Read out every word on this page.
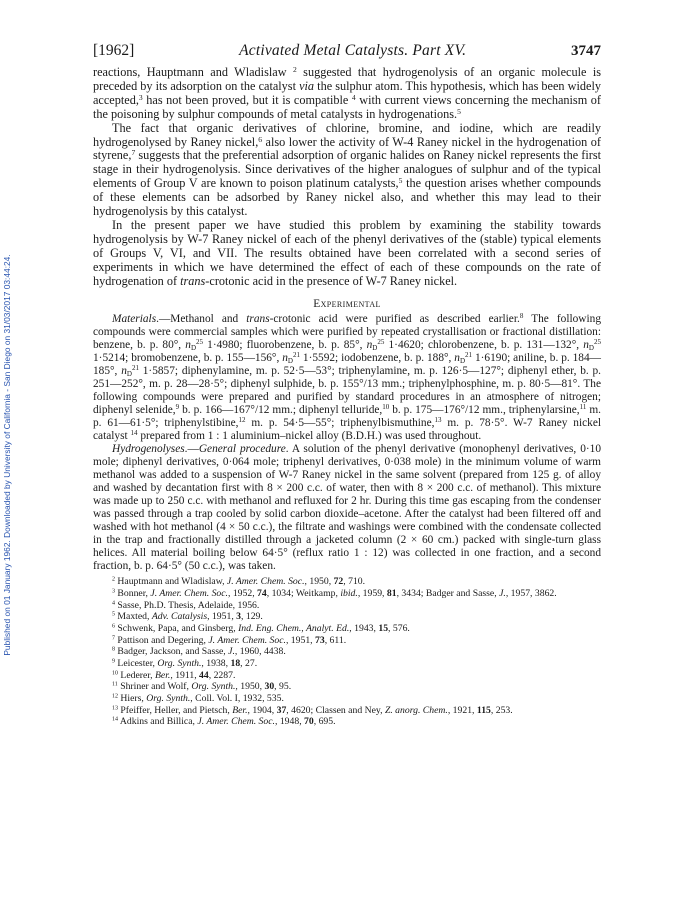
Published on 01 January 1962. Downloaded by University of California - San Diego on 31/03/2017 03:44:24.
[1962]	Activated Metal Catalysts. Part XV.	3747

reactions, Hauptmann and Wladislaw $^2$ suggested that hydrogenolysis of an organic molecule is preceded by its adsorption on the catalyst via the sulphur atom. This hypothesis, which has been widely accepted,$^3$ has not been proved, but it is compatible $^4$ with current views concerning the mechanism of the poisoning by sulphur compounds of metal catalysts in hydrogenations.$^5$

The fact that organic derivatives of chlorine, bromine, and iodine, which are readily hydrogenolysed by Raney nickel,$^6$ also lower the activity of W-4 Raney nickel in the hydrogenation of styrene,$^7$ suggests that the preferential adsorption of organic halides on Raney nickel represents the first stage in their hydrogenolysis. Since derivatives of the higher analogues of sulphur and of the typical elements of Group V are known to poison platinum catalysts,$^5$ the question arises whether compounds of these elements can be adsorbed by Raney nickel also, and whether this may lead to their hydrogenolysis by this catalyst.

In the present paper we have studied this problem by examining the stability towards hydrogenolysis by W-7 Raney nickel of each of the phenyl derivatives of the (stable) typical elements of Groups V, VI, and VII. The results obtained have been correlated with a second series of experiments in which we have determined the effect of each of these compounds on the rate of hydrogenation of trans-crotonic acid in the presence of W-7 Raney nickel.

Experimental

Materials.—Methanol and trans-crotonic acid were purified as described earlier.$^8$ The following compounds were commercial samples which were purified by repeated crystallisation or fractional distillation: benzene, b. p. 80°, $n_D^{25}$ 1·4980; fluorobenzene, b. p. 85°, $n_D^{25}$ 1·4620; chlorobenzene, b. p. 131—132°, $n_D^{25}$ 1·5214; bromobenzene, b. p. 155—156°, $n_D^{21}$ 1·5592; iodobenzene, b. p. 188°, $n_D^{21}$ 1·6190; aniline, b. p. 184—185°, $n_D^{21}$ 1·5857; diphenylamine, m. p. 52·5—53°; triphenylamine, m. p. 126·5—127°; diphenyl ether, b. p. 251—252°, m. p. 28—28·5°; diphenyl sulphide, b. p. 155°/13 mm.; triphenylphosphine, m. p. 80·5—81°. The following compounds were prepared and purified by standard procedures in an atmosphere of nitrogen; diphenyl selenide,$^9$ b. p. 166—167°/12 mm.; diphenyl telluride,$^{10}$ b. p. 175—176°/12 mm., triphenylarsine,$^{11}$ m. p. 61—61·5°; triphenylstibine,$^{12}$ m. p. 54·5—55°; triphenylbismuthine,$^{13}$ m. p. 78·5°. W-7 Raney nickel catalyst $^{14}$ prepared from 1 : 1 aluminium–nickel alloy (B.D.H.) was used throughout.

Hydrogenolyses.—General procedure. A solution of the phenyl derivative (monophenyl derivatives, 0·10 mole; diphenyl derivatives, 0·064 mole; triphenyl derivatives, 0·038 mole) in the minimum volume of warm methanol was added to a suspension of W-7 Raney nickel in the same solvent (prepared from 125 g. of alloy and washed by decantation first with 8 × 200 c.c. of water, then with 8 × 200 c.c. of methanol). This mixture was made up to 250 c.c. with methanol and refluxed for 2 hr. During this time gas escaping from the condenser was passed through a trap cooled by solid carbon dioxide–acetone. After the catalyst had been filtered off and washed with hot methanol (4 × 50 c.c.), the filtrate and washings were combined with the condensate collected in the trap and fractionally distilled through a jacketed column (2 × 60 cm.) packed with single-turn glass helices. All material boiling below 64·5° (reflux ratio 1 : 12) was collected in one fraction, and a second fraction, b. p. 64·5° (50 c.c.), was taken.

$^2$ Hauptmann and Wladislaw, J. Amer. Chem. Soc., 1950, 72, 710.
$^3$ Bonner, J. Amer. Chem. Soc., 1952, 74, 1034; Weitkamp, ibid., 1959, 81, 3434; Badger and Sasse, J., 1957, 3862.
$^4$ Sasse, Ph.D. Thesis, Adelaide, 1956.
$^5$ Maxted, Adv. Catalysis, 1951, 3, 129.
$^6$ Schwenk, Papa, and Ginsberg, Ind. Eng. Chem., Analyt. Ed., 1943, 15, 576.
$^7$ Pattison and Degering, J. Amer. Chem. Soc., 1951, 73, 611.
$^8$ Badger, Jackson, and Sasse, J., 1960, 4438.
$^9$ Leicester, Org. Synth., 1938, 18, 27.
$^{10}$ Lederer, Ber., 1911, 44, 2287.
$^{11}$ Shriner and Wolf, Org. Synth., 1950, 30, 95.
$^{12}$ Hiers, Org. Synth., Coll. Vol. I, 1932, 535.
$^{13}$ Pfeiffer, Heller, and Pietsch, Ber., 1904, 37, 4620; Classen and Ney, Z. anorg. Chem., 1921, 115, 253.
$^{14}$ Adkins and Billica, J. Amer. Chem. Soc., 1948, 70, 695.
